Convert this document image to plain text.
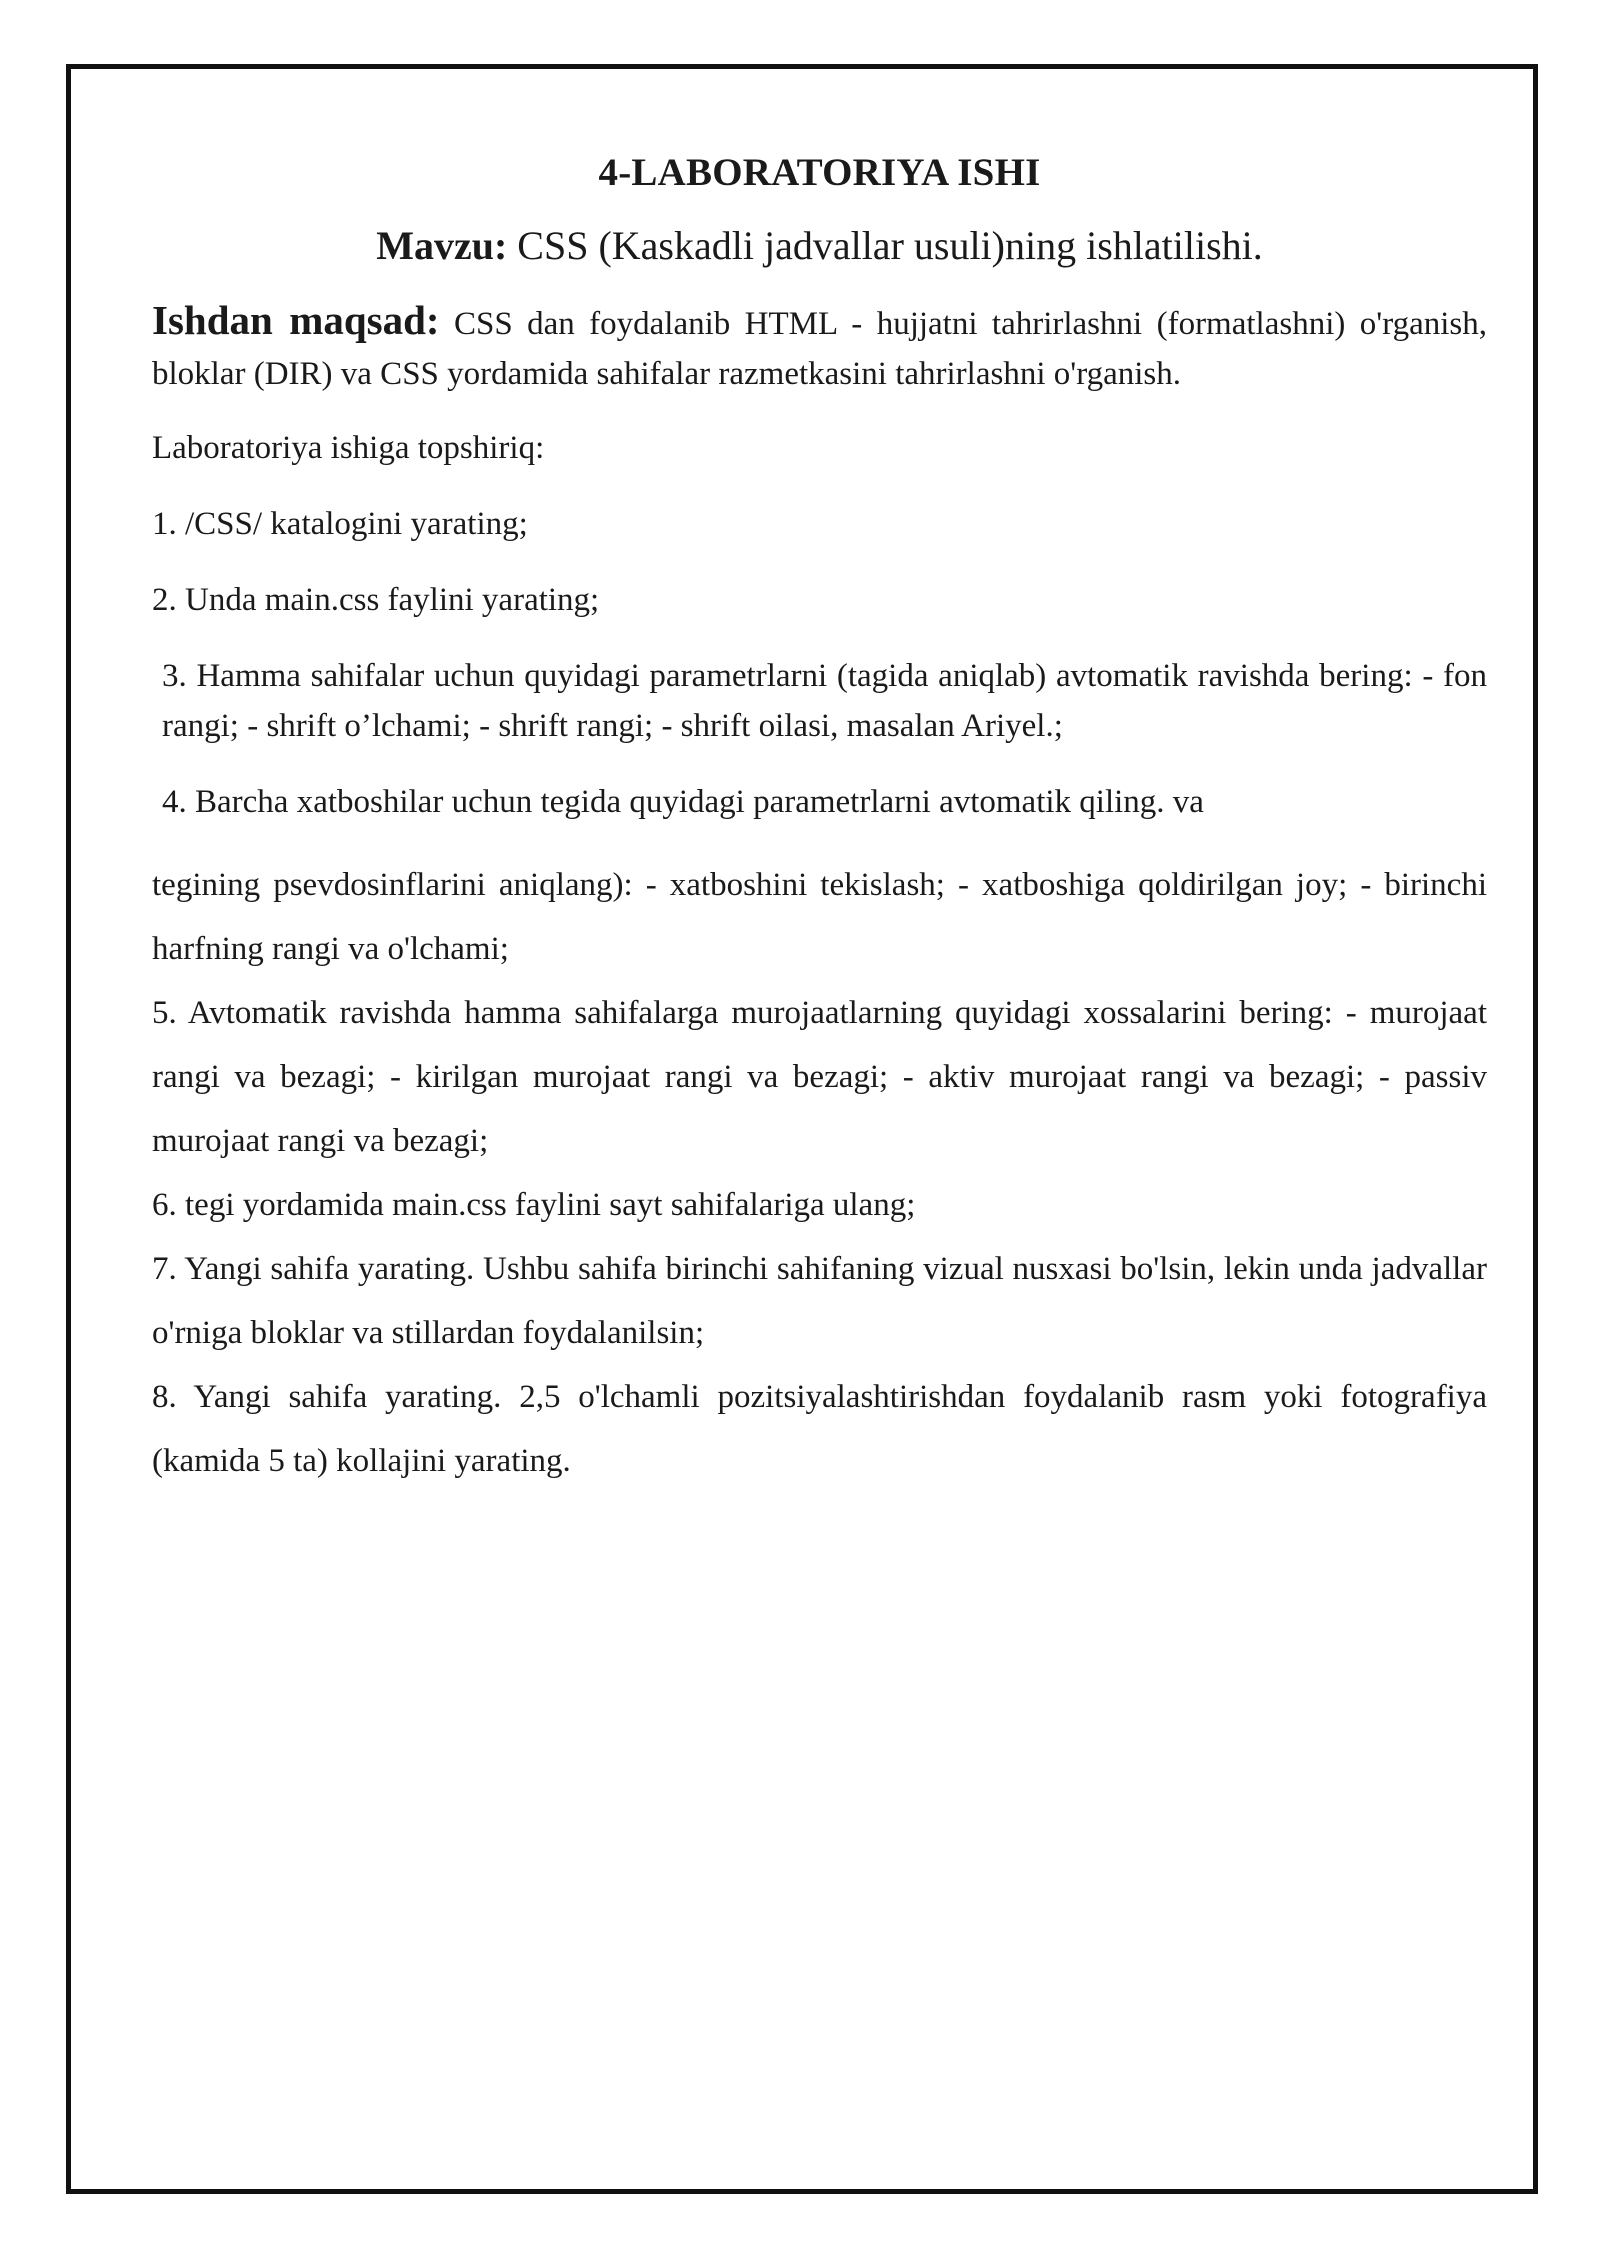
4-LABORATORIYA ISHI
Mavzu: CSS (Kaskadli jadvallar usuli)ning ishlatilishi.
Ishdan maqsad: CSS dan foydalanib HTML - hujjatni tahrirlashni (formatlashni) o'rganish, bloklar (DIR) va CSS yordamida sahifalar razmetkasini tahrirlashni o'rganish.

Laboratoriya ishiga topshiriq:

1. /CSS/ katalogini yarating;

2. Unda main.css faylini yarating;

3. Hamma sahifalar uchun quyidagi parametrlarni (tagida aniqlab) avtomatik ravishda bering: - fon rangi; - shrift o’lchami; - shrift rangi; - shrift oilasi, masalan Ariyel.;

4. Barcha xatboshilar uchun tegida quyidagi parametrlarni avtomatik qiling. va

tegining psevdosinflarini aniqlang): - xatboshini tekislash; - xatboshiga qoldirilgan joy; - birinchi harfning rangi va o'lchami;

5. Avtomatik ravishda hamma sahifalarga murojaatlarning quyidagi xossalarini bering: - murojaat rangi va bezagi; - kirilgan murojaat rangi va bezagi; - aktiv murojaat rangi va bezagi; - passiv murojaat rangi va bezagi;

6. tegi yordamida main.css faylini sayt sahifalariga ulang;

7. Yangi sahifa yarating. Ushbu sahifa birinchi sahifaning vizual nusxasi bo'lsin, lekin unda jadvallar o'rniga bloklar va stillardan foydalanilsin;

8. Yangi sahifa yarating. 2,5 o'lchamli pozitsiyalashtirishdan foydalanib rasm yoki fotografiya (kamida 5 ta) kollajini yarating.
